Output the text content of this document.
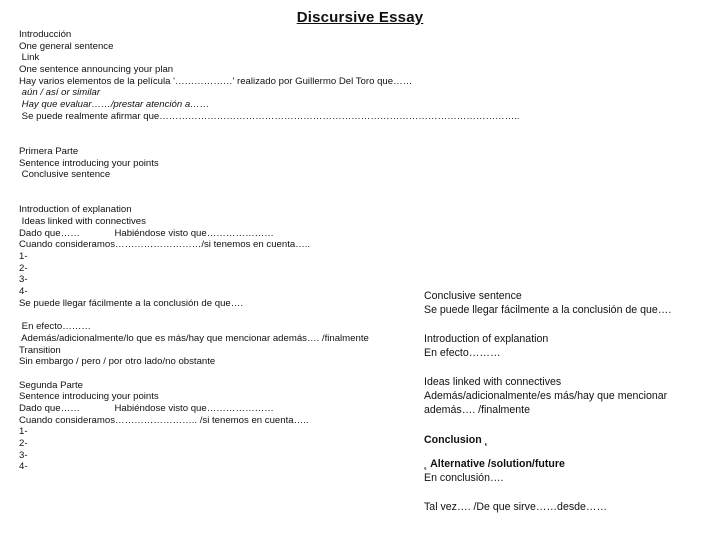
Discursive Essay
Introducción
One general sentence
Link
One sentence announcing your plan
Hay varios elementos de la película '………………' realizado por Guillermo Del Toro que……
aún / así or similar
Hay que evaluar……/prestar atención a……
Se puede realmente afirmar que…………………………………………………………………………………………………..
Primera Parte
Sentence introducing your points
Conclusive sentence
Introduction of explanation
Ideas linked with connectives
Dado que……             Habiéndose visto que…………………
Cuando consideramos………………………/si tenemos en cuenta…..
1-
2-
3-
4-
Se puede llegar fácilmente a la conclusión de que….
En efecto………
Además/adicionalmente/lo que es más/hay que mencionar además…. /finalmente
Transition
Sin embargo / pero / por otro lado/no obstante
Segunda Parte
Sentence introducing your points
Dado que……             Habiéndose visto que…………………
Cuando consideramos…………………….. /si tenemos en cuenta…..
1-
2-
3-
4-
Conclusive sentence
Se puede llegar fácilmente a la conclusión de que….
Introduction of explanation
En efecto………
Ideas linked with connectives
Además/adicionalmente/es más/hay que mencionar
además…. /finalmente
Conclusion ˛
˛ Alternative /solution/future
En conclusión….
Tal vez…. /De que sirve……desde……
